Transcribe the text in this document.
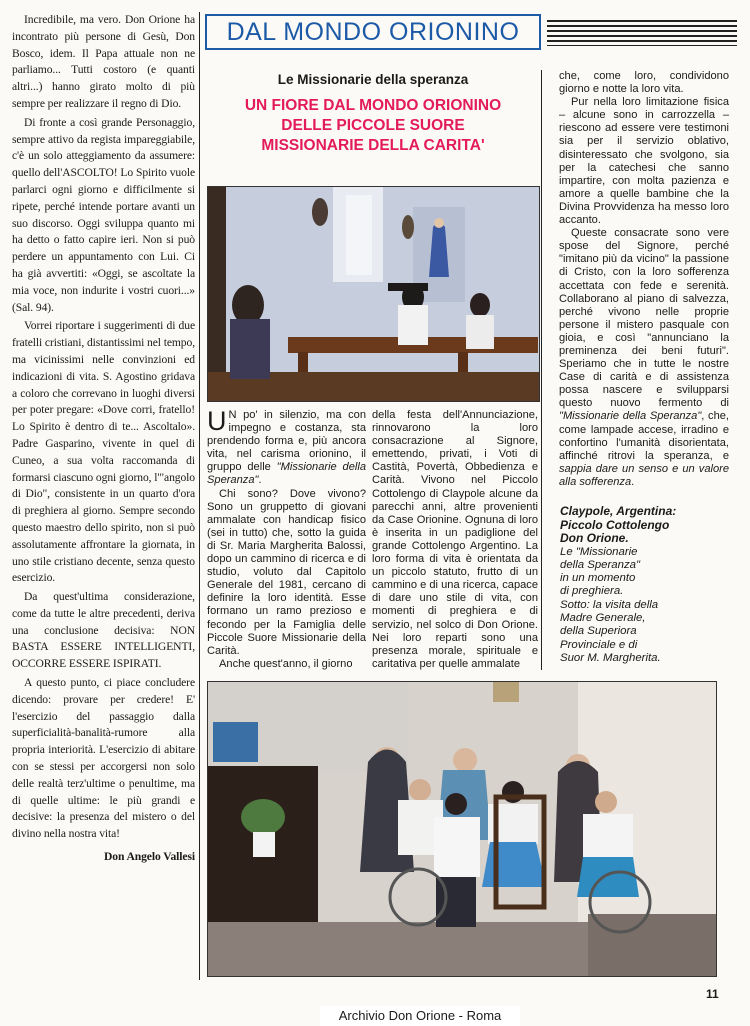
Incredibile, ma vero. Don Orione ha incontrato più persone di Gesù, Don Bosco, idem. Il Papa attuale non ne parliamo... Tutti costoro (e quanti altri...) hanno girato molto di più sempre per realizzare il regno di Dio.

Di fronte a così grande Personaggio, sempre attivo da regista impareggiabile, c'è un solo atteggiamento da assumere: quello dell'ASCOLTO! Lo Spirito vuole parlarci ogni giorno e difficilmente si ripete, perché intende portare avanti un suo discorso. Oggi sviluppa quanto mi ha detto o fatto capire ieri. Non si può perdere un appuntamento con Lui. Ci ha già avvertiti: «Oggi, se ascoltate la mia voce, non indurite i vostri cuori...» (Sal. 94).

Vorrei riportare i suggerimenti di due fratelli cristiani, distantissimi nel tempo, ma vicinissimi nelle convinzioni ed indicazioni di vita. S. Agostino gridava a coloro che correvano in luoghi diversi per poter pregare: «Dove corri, fratello! Lo Spirito è dentro di te... Ascoltalo». Padre Gasparino, vivente in quel di Cuneo, a sua volta raccomanda di formarsi ciascuno ogni giorno, l'"angolo di Dio", consistente in un quarto d'ora di preghiera al giorno. Sempre secondo questo maestro dello spirito, non si può assolutamente affrontare la giornata, in uno stile cristiano decente, senza questo esercizio.

Da quest'ultima considerazione, come da tutte le altre precedenti, deriva una conclusione decisiva: NON BASTA ESSERE INTELLIGENTI, OCCORRE ESSERE ISPIRATI.

A questo punto, ci piace concludere dicendo: provare per credere! E' l'esercizio del passaggio dalla superficialità-banalità-rumore alla propria interiorità. L'esercizio di abitare con se stessi per accorgersi non solo delle realtà terz'ultime o penultime, ma di quelle ultime: le più grandi e decisive: la presenza del mistero o del divino nella nostra vita!

Don Angelo Vallesi

DAL MONDO ORIONINO
Le Missionarie della speranza
UN FIORE DAL MONDO ORIONINO
DELLE PICCOLE SUORE
MISSIONARIE DELLA CARITA'

U N po' in silenzio, ma con impegno e costanza, sta prendendo forma e, più ancora vita, nel carisma orionino, il gruppo delle "Missionarie della Speranza".

Chi sono? Dove vivono? Sono un gruppetto di giovani ammalate con handicap fisico (sei in tutto) che, sotto la guida di Sr. Maria Margherita Balossi, dopo un cammino di ricerca e di studio, voluto dal Capitolo Generale del 1981, cercano di definire la loro identità. Esse formano un ramo prezioso e fecondo per la Famiglia delle Piccole Suore Missionarie della Carità.

Anche quest'anno, il giorno

della festa dell'Annunciazione, rinnovarono la loro consacrazione al Signore, emettendo, privati, i Voti di Castità, Povertà, Obbedienza e Carità. Vivono nel Piccolo Cottolengo di Claypole alcune da parecchi anni, altre provenienti da Case Orionine. Ognuna di loro è inserita in un padiglione del grande Cottolengo Argentino. La loro forma di vita è orientata da un piccolo statuto, frutto di un cammino e di una ricerca, capace di dare uno stile di vita, con momenti di preghiera e di servizio, nel solco di Don Orione. Nei loro reparti sono una presenza morale, spirituale e caritativa per quelle ammalate

che, come loro, condividono giorno e notte la loro vita.

Pur nella loro limitazione fisica – alcune sono in carrozzella – riescono ad essere vere testimoni sia per il servizio oblativo, disinteressato che svolgono, sia per la catechesi che sanno impartire, con molta pazienza e amore a quelle bambine che la Divina Provvidenza ha messo loro accanto.

Queste consacrate sono vere spose del Signore, perché "imitano più da vicino" la passione di Cristo, con la loro sofferenza accettata con fede e serenità. Collaborano al piano di salvezza, perché vivono nelle proprie persone il mistero pasquale con gioia, e così "annunciano la preminenza dei beni futuri". Speriamo che in tutte le nostre Case di carità e di assistenza possa nascere e svilupparsi questo nuovo fermento di "Missionarie della Speranza", che, come lampade accese, irradino e confortino l'umanità disorientata, affinché ritrovi la speranza, e sappia dare un senso e un valore alla sofferenza.

Claypole, Argentina:
Piccolo Cottolengo
Don Orione.
Le "Missionarie
della Speranza"
in un momento
di preghiera.
Sotto: la visita della
Madre Generale,
della Superiora
Provinciale e di
Suor M. Margherita.
11
Archivio Don Orione - Roma
